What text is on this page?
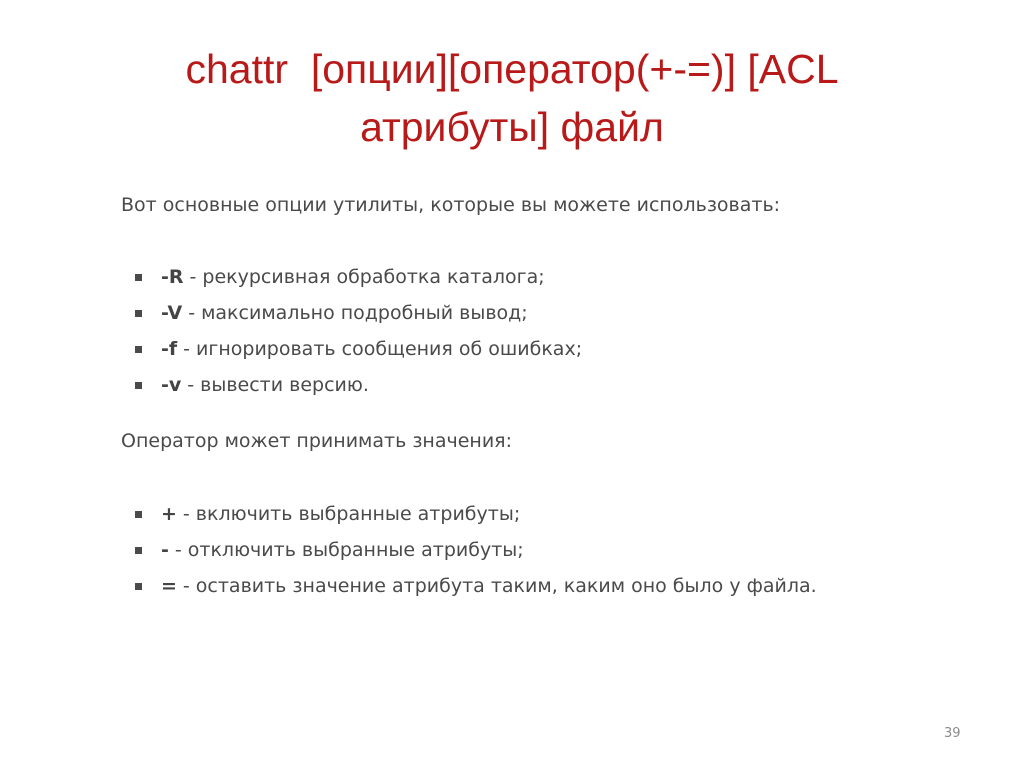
chattr  [опции][оператор(+-=)] [ACL
атрибуты] файл
Вот основные опции утилиты, которые вы можете использовать:
-R - рекурсивная обработка каталога;
-V - максимально подробный вывод;
-f - игнорировать сообщения об ошибках;
-v - вывести версию.
Оператор может принимать значения:
+ - включить выбранные атрибуты;
- - отключить выбранные атрибуты;
= - оставить значение атрибута таким, каким оно было у файла.
39
